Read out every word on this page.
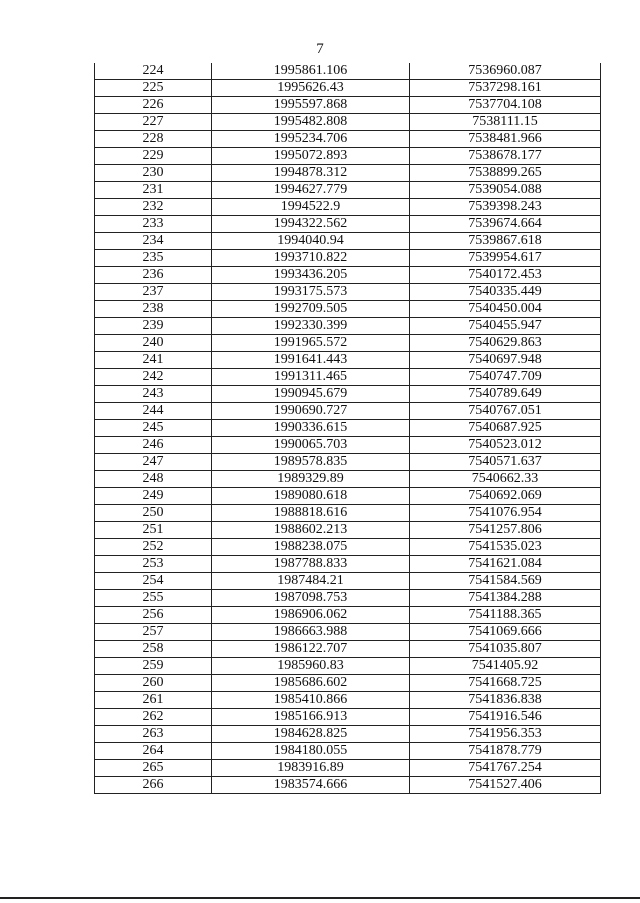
7
224	1995861.106	7536960.087
225	1995626.43	7537298.161
226	1995597.868	7537704.108
227	1995482.808	7538111.15
228	1995234.706	7538481.966
229	1995072.893	7538678.177
230	1994878.312	7538899.265
231	1994627.779	7539054.088
232	1994522.9	7539398.243
233	1994322.562	7539674.664
234	1994040.94	7539867.618
235	1993710.822	7539954.617
236	1993436.205	7540172.453
237	1993175.573	7540335.449
238	1992709.505	7540450.004
239	1992330.399	7540455.947
240	1991965.572	7540629.863
241	1991641.443	7540697.948
242	1991311.465	7540747.709
243	1990945.679	7540789.649
244	1990690.727	7540767.051
245	1990336.615	7540687.925
246	1990065.703	7540523.012
247	1989578.835	7540571.637
248	1989329.89	7540662.33
249	1989080.618	7540692.069
250	1988818.616	7541076.954
251	1988602.213	7541257.806
252	1988238.075	7541535.023
253	1987788.833	7541621.084
254	1987484.21	7541584.569
255	1987098.753	7541384.288
256	1986906.062	7541188.365
257	1986663.988	7541069.666
258	1986122.707	7541035.807
259	1985960.83	7541405.92
260	1985686.602	7541668.725
261	1985410.866	7541836.838
262	1985166.913	7541916.546
263	1984628.825	7541956.353
264	1984180.055	7541878.779
265	1983916.89	7541767.254
266	1983574.666	7541527.406
